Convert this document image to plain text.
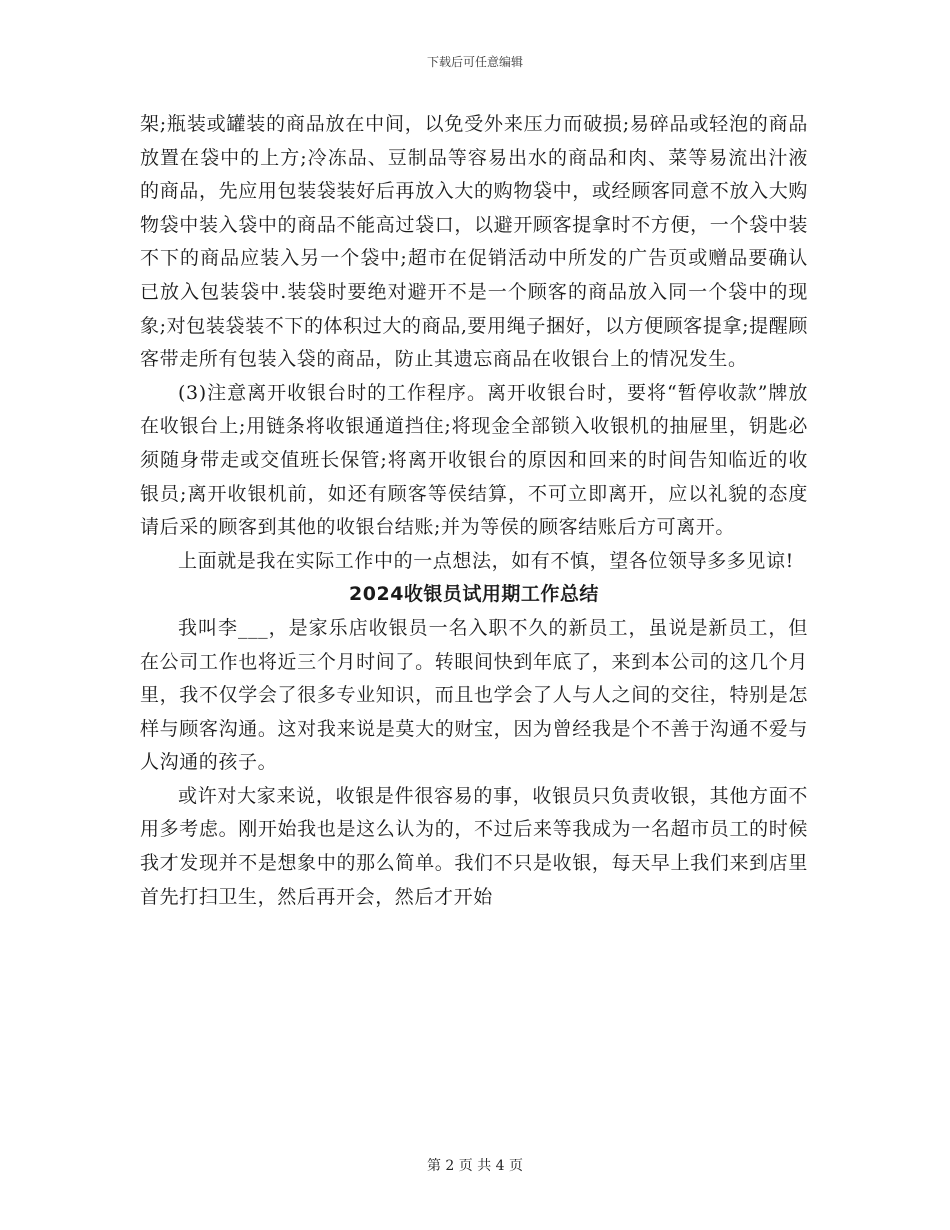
下载后可任意编辑

架;瓶装或罐装的商品放在中间，以免受外来压力而破损;易碎品或轻泡的商品放置在袋中的上方;冷冻品、豆制品等容易出水的商品和肉、菜等易流出汁液的商品，先应用包装袋装好后再放入大的购物袋中，或经顾客同意不放入大购物袋中装入袋中的商品不能高过袋口，以避开顾客提拿时不方便，一个袋中装不下的商品应装入另一个袋中;超市在促销活动中所发的广告页或赠品要确认已放入包装袋中.装袋时要绝对避开不是一个顾客的商品放入同一个袋中的现象;对包装袋装不下的体积过大的商品,要用绳子捆好，以方便顾客提拿;提醒顾客带走所有包装入袋的商品，防止其遗忘商品在收银台上的情况发生。

(3)注意离开收银台时的工作程序。离开收银台时，要将“暂停收款”牌放在收银台上;用链条将收银通道挡住;将现金全部锁入收银机的抽屉里，钥匙必须随身带走或交值班长保管;将离开收银台的原因和回来的时间告知临近的收银员;离开收银机前，如还有顾客等侯结算，不可立即离开，应以礼貌的态度请后采的顾客到其他的收银台结账;并为等侯的顾客结账后方可离开。

上面就是我在实际工作中的一点想法，如有不慎，望各位领导多多见谅!

2024收银员试用期工作总结

我叫李___，是家乐店收银员一名入职不久的新员工，虽说是新员工，但在公司工作也将近三个月时间了。转眼间快到年底了，来到本公司的这几个月里，我不仅学会了很多专业知识，而且也学会了人与人之间的交往，特别是怎样与顾客沟通。这对我来说是莫大的财宝，因为曾经我是个不善于沟通不爱与人沟通的孩子。

或许对大家来说，收银是件很容易的事，收银员只负责收银，其他方面不用多考虑。刚开始我也是这么认为的，不过后来等我成为一名超市员工的时候我才发现并不是想象中的那么简单。我们不只是收银，每天早上我们来到店里首先打扫卫生，然后再开会，然后才开始

第 2 页 共 4 页
